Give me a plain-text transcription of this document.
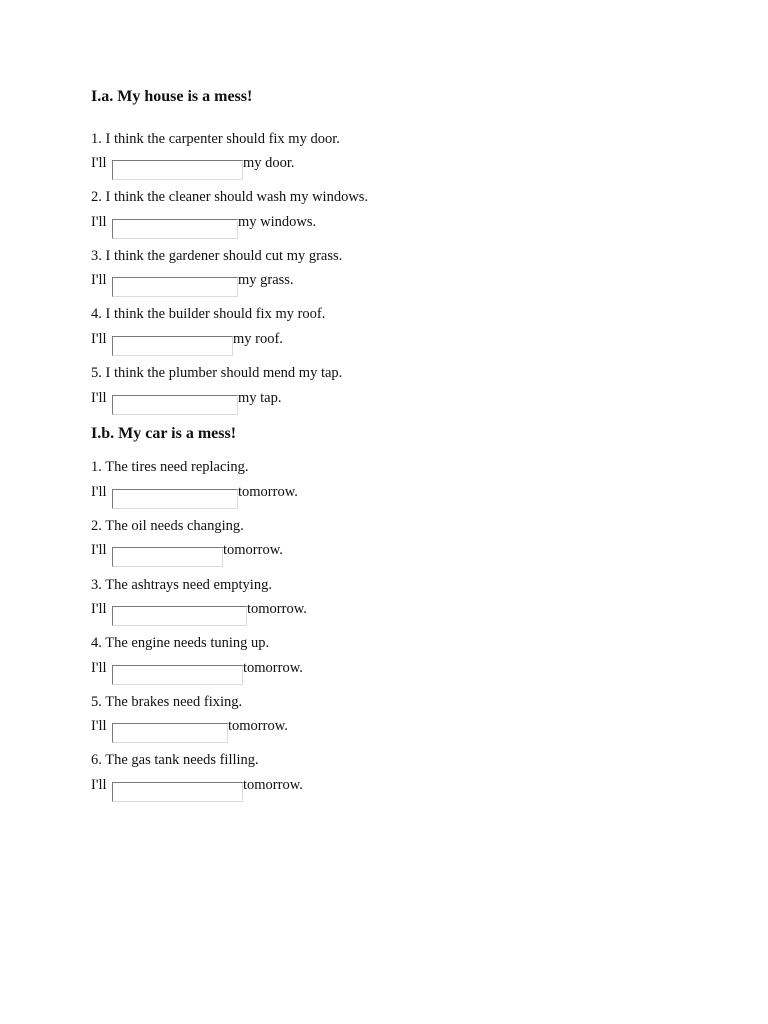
I.a. My house is a mess!
1. I think the carpenter should fix my door.
I'll	my door.
2. I think the cleaner should wash my windows.
I'll	my windows.
3. I think the gardener should cut my grass.
I'll	my grass.
4. I think the builder should fix my roof.
I'll	my roof.
5. I think the plumber should mend my tap.
I'll	my tap.
I.b. My car is a mess!
1. The tires need replacing.
I'll	tomorrow.
2. The oil needs changing.
I'll	tomorrow.
3. The ashtrays need emptying.
I'll	tomorrow.
4. The engine needs tuning up.
I'll	tomorrow.
5. The brakes need fixing.
I'll	tomorrow.
6. The gas tank needs filling.
I'll	tomorrow.
